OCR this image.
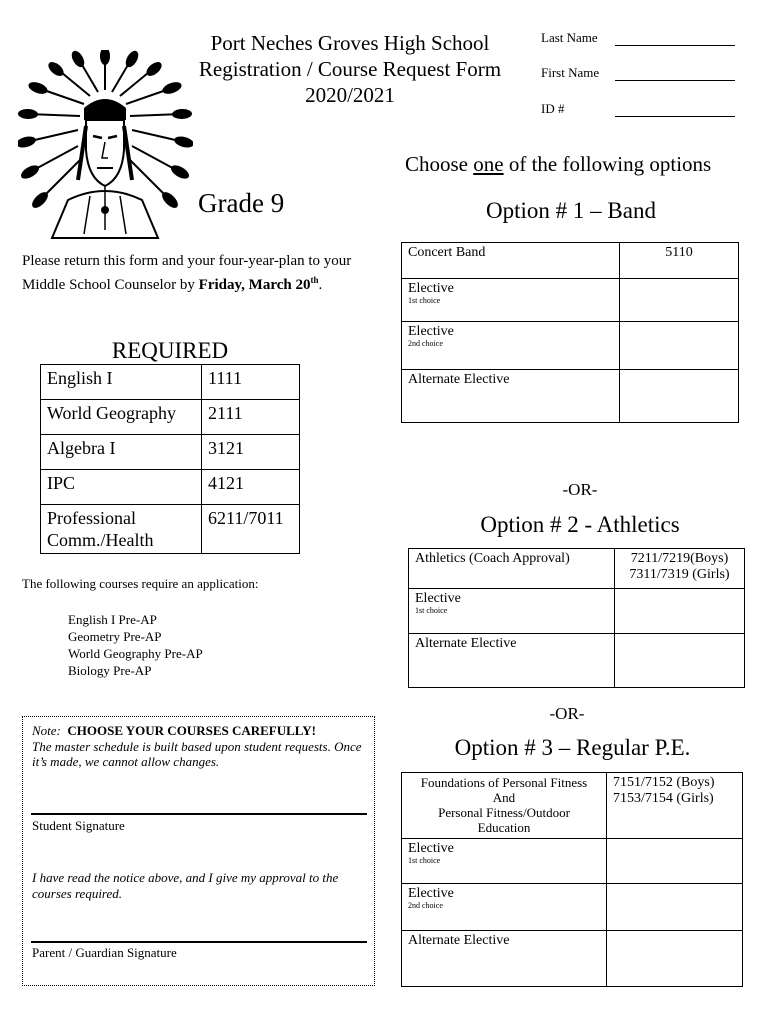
Port Neches Groves High School
Registration / Course Request Form
2020/2021
Grade 9
Last Name
First Name
ID #
Please return this form and your four-year-plan to your Middle School Counselor by Friday, March 20th.
REQUIRED
English I	1111
World Geography	2111
Algebra I	3121
IPC	4121
Professional Comm./Health	6211/7011
The following courses require an application:
English I Pre-AP
Geometry Pre-AP
World Geography Pre-AP
Biology Pre-AP
Note: CHOOSE YOUR COURSES CAREFULLY!
The master schedule is built based upon student requests. Once it’s made, we cannot allow changes.
Student Signature
I have read the notice above, and I give my approval to the courses required.
Parent / Guardian Signature
Choose one of the following options
Option # 1 – Band
Concert Band	5110
Elective
1st choice	

Elective
2nd choice	

Alternate Elective	
-OR-
Option # 2 - Athletics
Athletics (Coach Approval)	7211/7219(Boys)
7311/7319 (Girls)
Elective
1st choice	

Alternate Elective	
-OR-
Option # 3 – Regular P.E.
Foundations of Personal Fitness
And
Personal Fitness/Outdoor
Education	7151/7152 (Boys)
7153/7154 (Girls)
Elective
1st choice	

Elective
2nd choice	

Alternate Elective	
